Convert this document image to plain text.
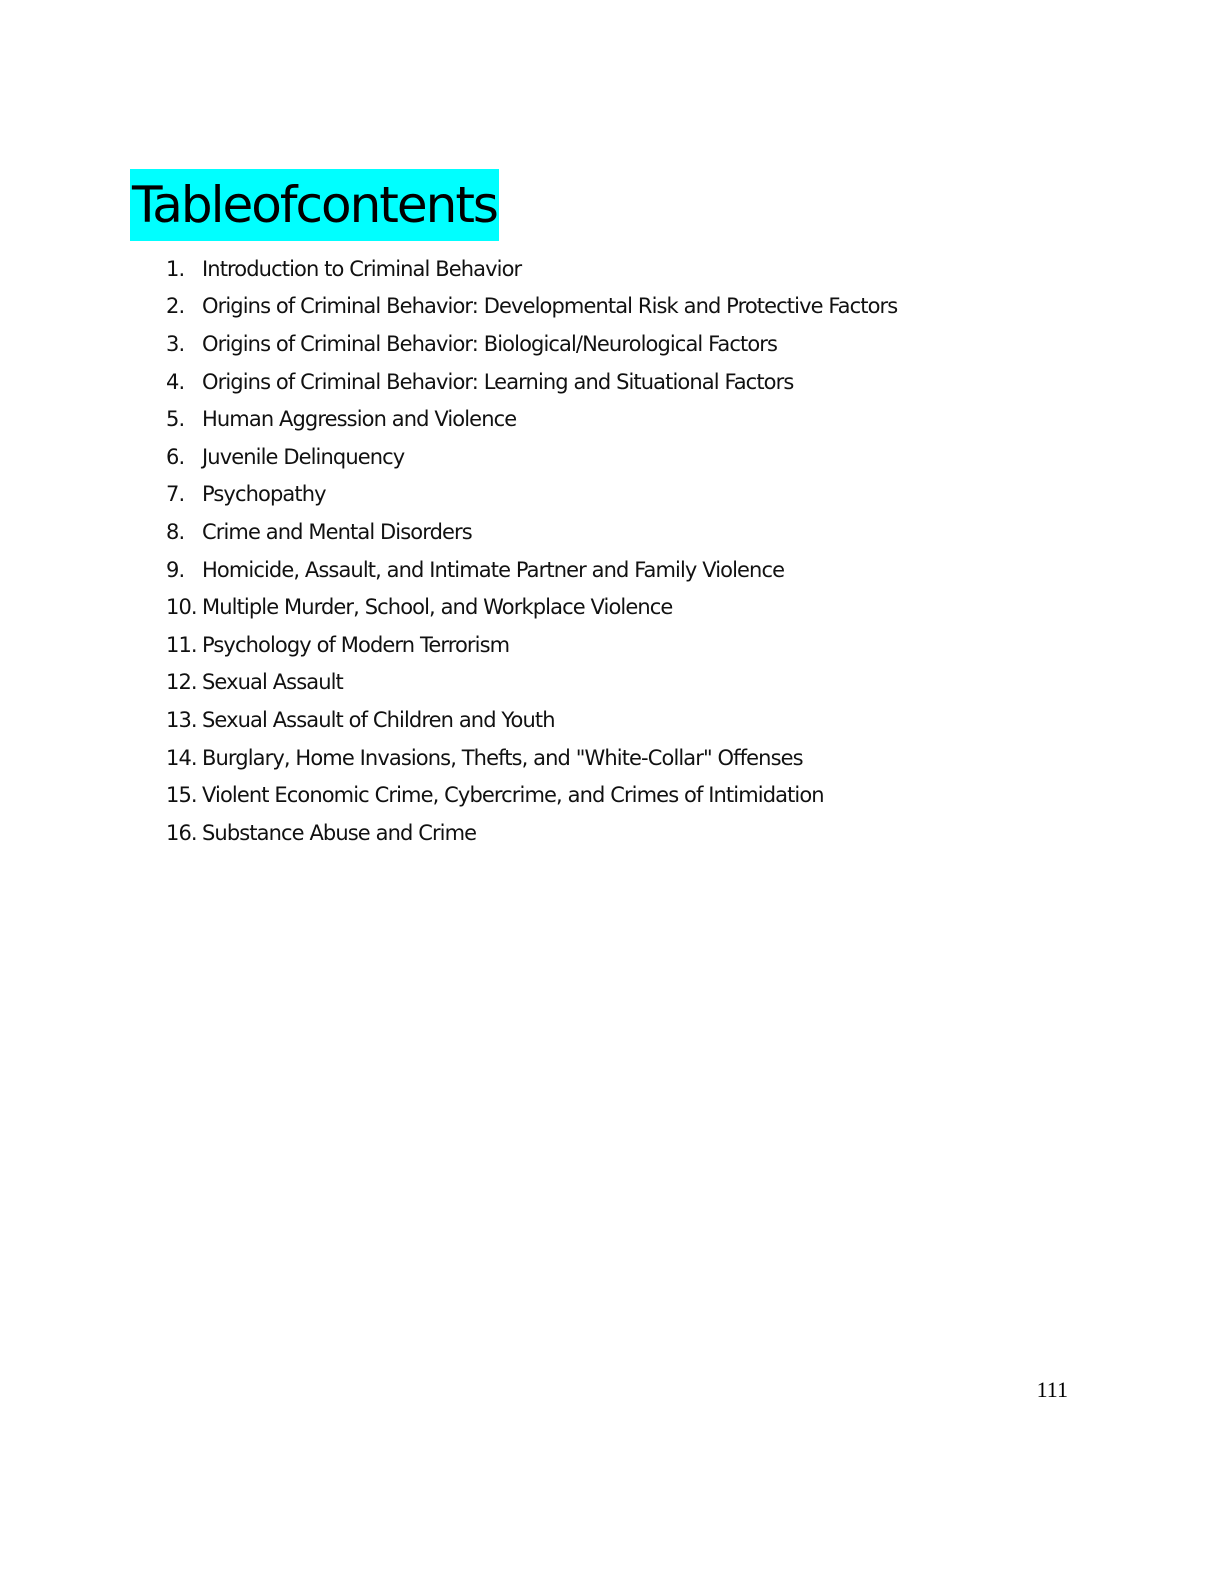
Tableofcontents
1. Introduction to Criminal Behavior
2. Origins of Criminal Behavior: Developmental Risk and Protective Factors
3. Origins of Criminal Behavior: Biological/Neurological Factors
4. Origins of Criminal Behavior: Learning and Situational Factors
5. Human Aggression and Violence
6. Juvenile Delinquency
7. Psychopathy
8. Crime and Mental Disorders
9. Homicide, Assault, and Intimate Partner and Family Violence
10. Multiple Murder, School, and Workplace Violence
11. Psychology of Modern Terrorism
12. Sexual Assault
13. Sexual Assault of Children and Youth
14. Burglary, Home Invasions, Thefts, and "White-Collar" Offenses
15. Violent Economic Crime, Cybercrime, and Crimes of Intimidation
16. Substance Abuse and Crime
111
